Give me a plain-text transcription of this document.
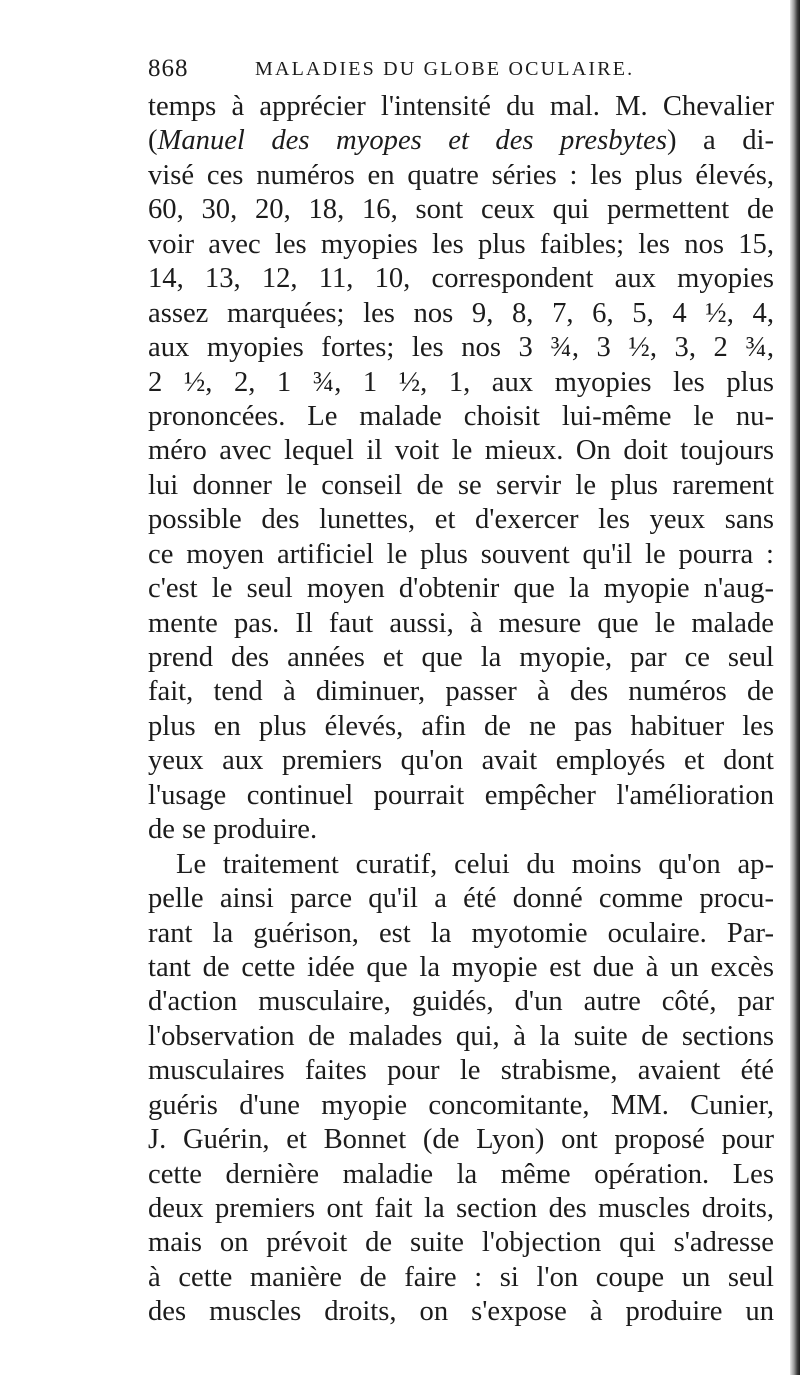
868	MALADIES DU GLOBE OCULAIRE.
temps à apprécier l'intensité du mal. M. Chevalier
(Manuel des myopes et des presbytes) a di-
visé ces numéros en quatre séries : les plus élevés,
60, 30, 20, 18, 16, sont ceux qui permettent de
voir avec les myopies les plus faibles; les nos 15,
14, 13, 12, 11, 10, correspondent aux myopies
assez marquées; les nos 9, 8, 7, 6, 5, 4 ½, 4,
aux myopies fortes; les nos 3 ¾, 3 ½, 3, 2 ¾,
2 ½, 2, 1 ¾, 1 ½, 1, aux myopies les plus
prononcées. Le malade choisit lui-même le nu-
méro avec lequel il voit le mieux. On doit toujours
lui donner le conseil de se servir le plus rarement
possible des lunettes, et d'exercer les yeux sans
ce moyen artificiel le plus souvent qu'il le pourra :
c'est le seul moyen d'obtenir que la myopie n'aug-
mente pas. Il faut aussi, à mesure que le malade
prend des années et que la myopie, par ce seul
fait, tend à diminuer, passer à des numéros de
plus en plus élevés, afin de ne pas habituer les
yeux aux premiers qu'on avait employés et dont
l'usage continuel pourrait empêcher l'amélioration
de se produire.
Le traitement curatif, celui du moins qu'on ap-
pelle ainsi parce qu'il a été donné comme procu-
rant la guérison, est la myotomie oculaire. Par-
tant de cette idée que la myopie est due à un excès
d'action musculaire, guidés, d'un autre côté, par
l'observation de malades qui, à la suite de sections
musculaires faites pour le strabisme, avaient été
guéris d'une myopie concomitante, MM. Cunier,
J. Guérin, et Bonnet (de Lyon) ont proposé pour
cette dernière maladie la même opération. Les
deux premiers ont fait la section des muscles droits,
mais on prévoit de suite l'objection qui s'adresse
à cette manière de faire : si l'on coupe un seul
des muscles droits, on s'expose à produire un
